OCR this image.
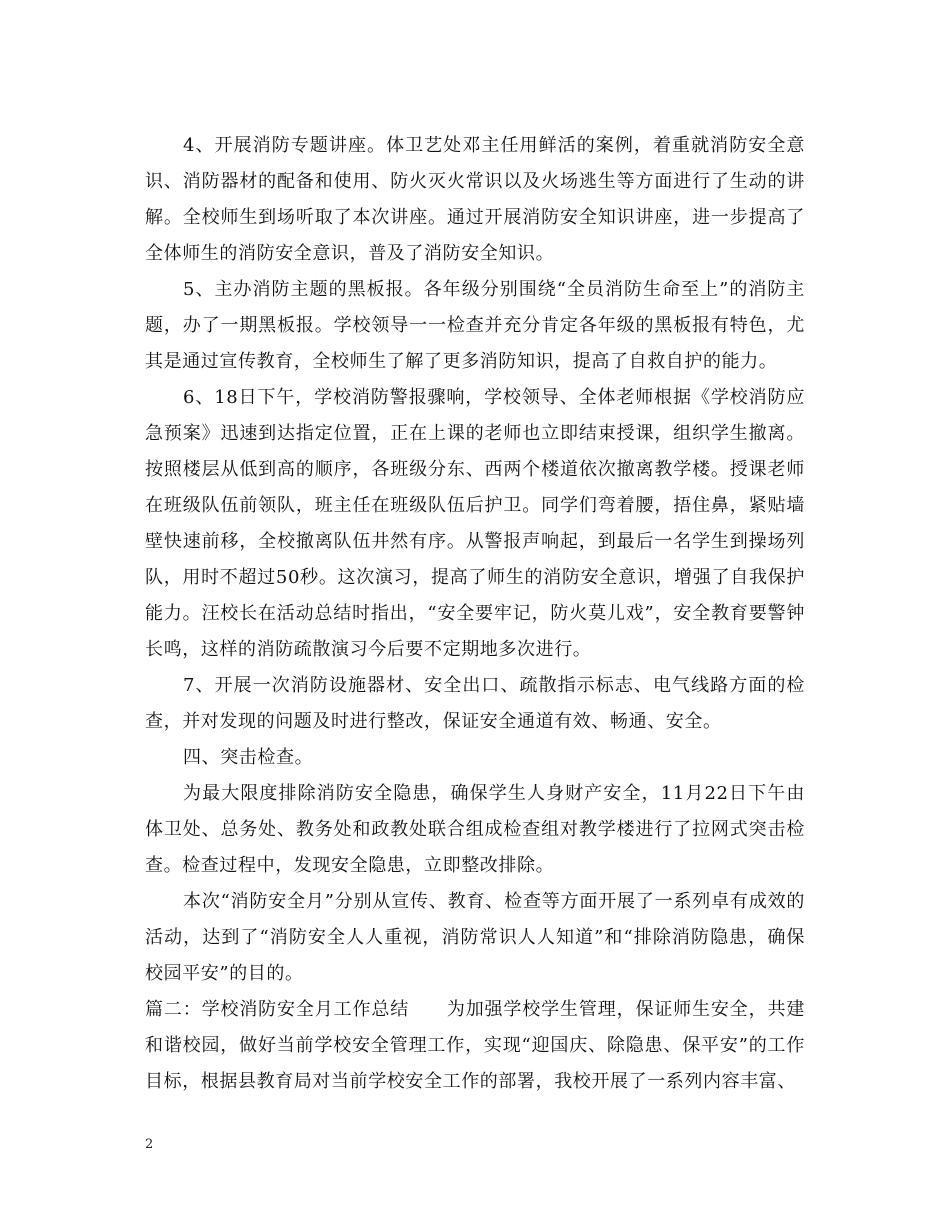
4、开展消防专题讲座。体卫艺处邓主任用鲜活的案例，着重就消防安全意识、消防器材的配备和使用、防火灭火常识以及火场逃生等方面进行了生动的讲解。全校师生到场听取了本次讲座。通过开展消防安全知识讲座，进一步提高了全体师生的消防安全意识，普及了消防安全知识。

5、主办消防主题的黑板报。各年级分别围绕“全员消防生命至上”的消防主题，办了一期黑板报。学校领导一一检查并充分肯定各年级的黑板报有特色，尤其是通过宣传教育，全校师生了解了更多消防知识，提高了自救自护的能力。

6、18日下午，学校消防警报骤响，学校领导、全体老师根据《学校消防应急预案》迅速到达指定位置，正在上课的老师也立即结束授课，组织学生撤离。按照楼层从低到高的顺序，各班级分东、西两个楼道依次撤离教学楼。授课老师在班级队伍前领队，班主任在班级队伍后护卫。同学们弯着腰，捂住鼻，紧贴墙壁快速前移，全校撤离队伍井然有序。从警报声响起，到最后一名学生到操场列队，用时不超过50秒。这次演习，提高了师生的消防安全意识，增强了自我保护能力。汪校长在活动总结时指出，“安全要牢记，防火莫儿戏”，安全教育要警钟长鸣，这样的消防疏散演习今后要不定期地多次进行。

7、开展一次消防设施器材、安全出口、疏散指示标志、电气线路方面的检查，并对发现的问题及时进行整改，保证安全通道有效、畅通、安全。

四、突击检查。

为最大限度排除消防安全隐患，确保学生人身财产安全，11月22日下午由体卫处、总务处、教务处和政教处联合组成检查组对教学楼进行了拉网式突击检查。检查过程中，发现安全隐患，立即整改排除。

本次“消防安全月”分别从宣传、教育、检查等方面开展了一系列卓有成效的活动，达到了“消防安全人人重视，消防常识人人知道”和“排除消防隐患，确保校园平安”的目的。

篇二：学校消防安全月工作总结　　为加强学校学生管理，保证师生安全，共建和谐校园，做好当前学校安全管理工作，实现“迎国庆、除隐患、保平安”的工作目标，根据县教育局对当前学校安全工作的部署，我校开展了一系列内容丰富、

2
